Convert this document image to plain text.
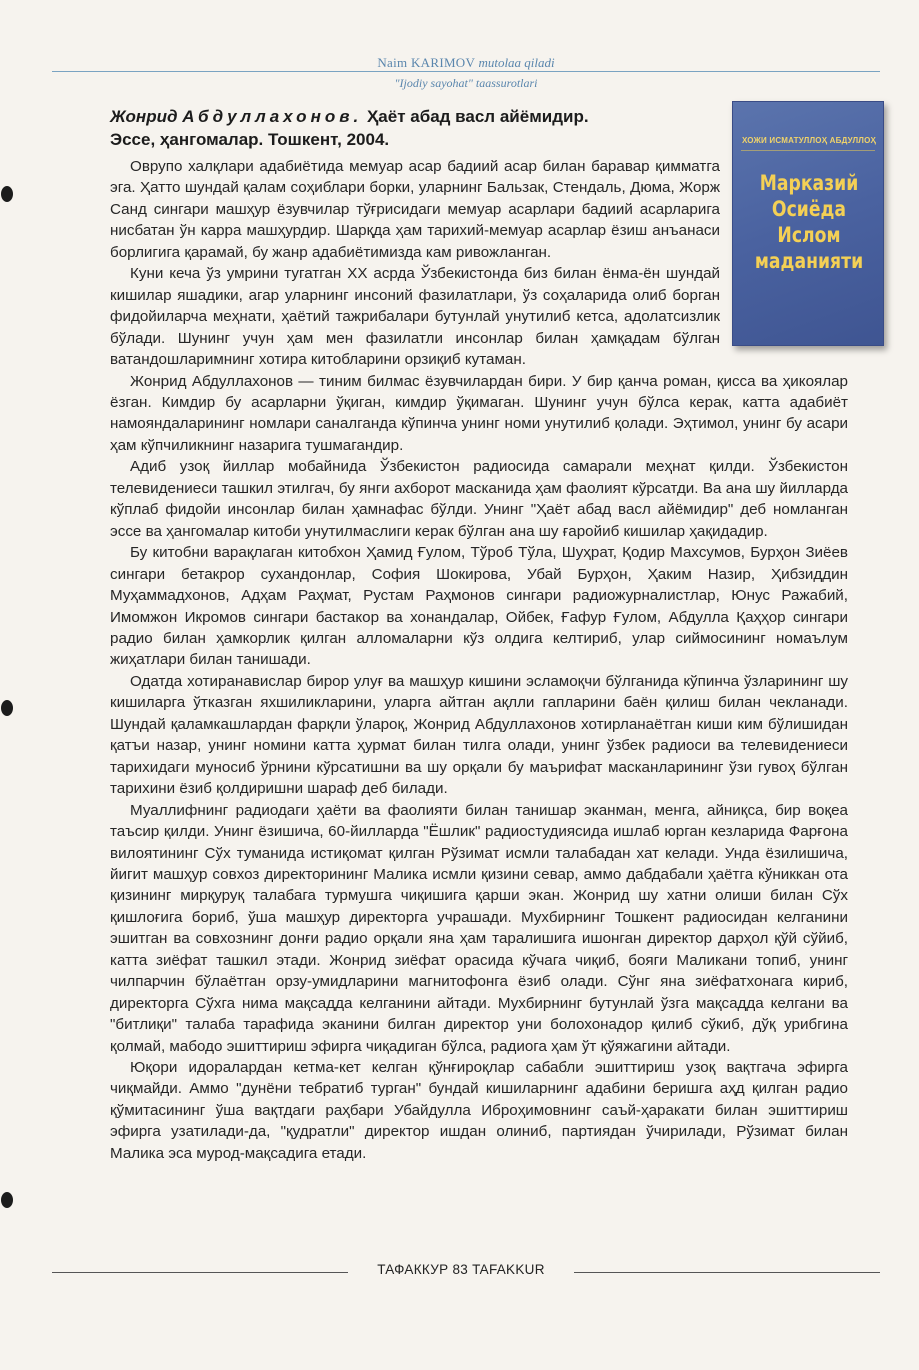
Naim KARIMOV mutolaa qiladi
"Ijodiy sayohat" taassurotlari
Жонрид Абдуллахонов. Ҳаёт абад васл айёмидир.
Эссе, ҳангомалар. Тошкент, 2004.	ХОЖИ ИСМАТУЛЛОҲ АБДУЛЛОҲ
Марказий
Осиёда
Ислом
маданияти

Оврупо халқлари адабиётида мемуар асар бадиий асар билан баравар қимматга эга. Ҳатто шундай қалам соҳиблари борки, уларнинг Бальзак, Стендаль, Дюма, Жорж Санд сингари машҳур ёзувчилар тўғрисидаги мемуар асарлари бадиий асарларига нисбатан ўн карра машҳурдир. Шарқда ҳам тарихий-мемуар асарлар ёзиш анъанаси борлигига қарамай, бу жанр адабиётимизда кам ривожланган.

Куни кеча ўз умрини тугатган XX асрда Ўзбекистонда биз билан ёнма-ён шундай кишилар яшадики, агар уларнинг инсоний фазилатлари, ўз соҳаларида олиб борган фидойиларча меҳнати, ҳаётий тажрибалари бутунлай унутилиб кетса, адолатсизлик бўлади. Шунинг учун ҳам мен фазилатли инсонлар билан ҳамқадам бўлган ватандошларимнинг хотира китобларини орзиқиб кутаман.

Жонрид Абдуллахонов — тиним билмас ёзувчилардан бири. У бир қанча роман, қисса ва ҳикоялар ёзган. Кимдир бу асарларни ўқиган, кимдир ўқимаган. Шунинг учун бўлса керак, катта адабиёт намояндаларининг номлари саналганда кўпинча унинг номи унутилиб қолади. Эҳтимол, унинг бу асари ҳам кўпчиликнинг назарига тушмагандир.

Адиб узоқ йиллар мобайнида Ўзбекистон радиосида самарали меҳнат қилди. Ўзбекистон телевидениеси ташкил этилгач, бу янги ахборот масканида ҳам фаолият кўрсатди. Ва ана шу йилларда кўплаб фидойи инсонлар билан ҳамнафас бўлди. Унинг "Ҳаёт абад васл айёмидир" деб номланган эссе ва ҳангомалар китоби унутилмаслиги керак бўлган ана шу ғаройиб кишилар ҳақидадир.

Бу китобни варақлаган китобхон Ҳамид Ғулом, Тўроб Тўла, Шуҳрат, Қодир Махсумов, Бурҳон Зиёев сингари бетакрор сухандонлар, София Шокирова, Убай Бурҳон, Ҳаким Назир, Ҳибзиддин Муҳаммадхонов, Адҳам Раҳмат, Рустам Раҳмонов сингари радиожурналистлар, Юнус Ражабий, Имомжон Икромов сингари бастакор ва хонандалар, Ойбек, Ғафур Ғулом, Абдулла Қаҳҳор сингари радио билан ҳамкорлик қилган алломаларни кўз олдига келтириб, улар сиймосининг номаълум жиҳатлари билан танишади.

Одатда хотиранавислар бирор улуғ ва машҳур кишини эсламоқчи бўлганида кўпинча ўзларининг шу кишиларга ўтказган яхшиликларини, уларга айтган ақлли гапларини баён қилиш билан чекланади. Шундай қаламкашлардан фарқли ўлароқ, Жонрид Абдуллахонов хотирланаётган киши ким бўлишидан қатъи назар, унинг номини катта ҳурмат билан тилга олади, унинг ўзбек радиоси ва телевидениеси тарихидаги муносиб ўрнини кўрсатишни ва шу орқали бу маърифат масканларининг ўзи гувоҳ бўлган тарихини ёзиб қолдиришни шараф деб билади.

Муаллифнинг радиодаги ҳаёти ва фаолияти билан танишар эканман, менга, айниқса, бир воқеа таъсир қилди. Унинг ёзишича, 60-йилларда "Ёшлик" радиостудиясида ишлаб юрган кезларида Фарғона вилоятининг Сўх туманида истиқомат қилган Рўзимат исмли талабадан хат келади. Унда ёзилишича, йигит машҳур совхоз директорининг Малика исмли қизини севар, аммо дабдабали ҳаётга кўниккан ота қизининг мирқуруқ талабага турмушга чиқишига қарши экан. Жонрид шу хатни олиши билан Сўх қишлоғига бориб, ўша машҳур директорга учрашади. Мухбирнинг Тошкент радиосидан келганини эшитган ва совхознинг донғи радио орқали яна ҳам таралишига ишонган директор дарҳол қўй сўйиб, катта зиёфат ташкил этади. Жонрид зиёфат орасида кўчага чиқиб, бояги Маликани топиб, унинг чилпарчин бўлаётган орзу-умидларини магнитофонга ёзиб олади. Сўнг яна зиёфатхонага кириб, директорга Сўхга нима мақсадда келганини айтади. Мухбирнинг бутунлай ўзга мақсадда келгани ва "битлиқи" талаба тарафида эканини билган директор уни болохонадор қилиб сўкиб, дўқ урибгина қолмай, мабодо эшиттириш эфирга чиқадиган бўлса, радиога ҳам ўт қўяжагини айтади.

Юқори идоралардан кетма-кет келган қўнғироқлар сабабли эшиттириш узоқ вақтгача эфирга чиқмайди. Аммо "дунёни тебратиб турган" бундай кишиларнинг адабини беришга аҳд қилган радио қўмитасининг ўша вақтдаги раҳбари Убайдулла Иброҳимовнинг саъй-ҳаракати билан эшиттириш эфирга узатилади-да, "қудратли" директор ишдан олиниб, партиядан ўчирилади, Рўзимат билан Малика эса мурод-мақсадига етади.

ТАФАККУР 83 TAFAKKUR
